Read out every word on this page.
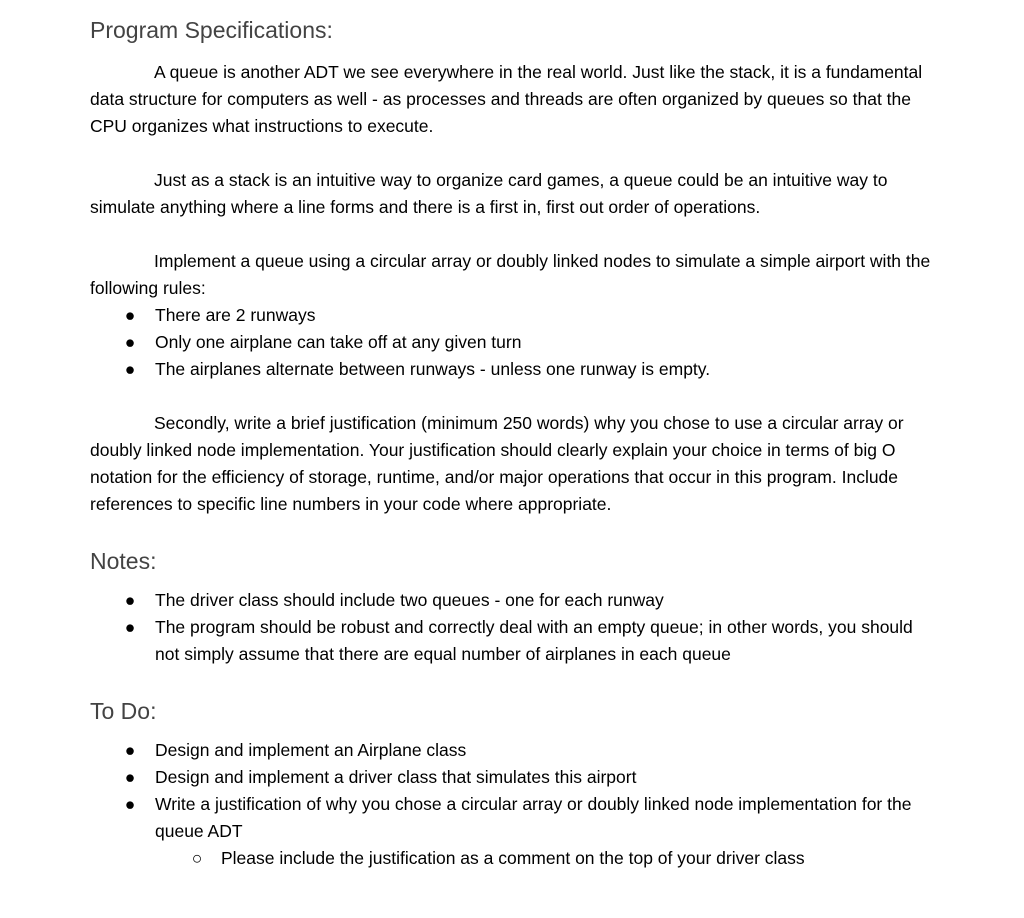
Program Specifications:

A queue is another ADT we see everywhere in the real world. Just like the stack, it is a fundamental data structure for computers as well - as processes and threads are often organized by queues so that the CPU organizes what instructions to execute.

Just as a stack is an intuitive way to organize card games, a queue could be an intuitive way to simulate anything where a line forms and there is a first in, first out order of operations.

Implement a queue using a circular array or doubly linked nodes to simulate a simple airport with the following rules:

● There are 2 runways
● Only one airplane can take off at any given turn
● The airplanes alternate between runways - unless one runway is empty.

Secondly, write a brief justification (minimum 250 words) why you chose to use a circular array or doubly linked node implementation. Your justification should clearly explain your choice in terms of big O notation for the efficiency of storage, runtime, and/or major operations that occur in this program. Include references to specific line numbers in your code where appropriate.

Notes:
● The driver class should include two queues - one for each runway
● The program should be robust and correctly deal with an empty queue; in other words, you should not simply assume that there are equal number of airplanes in each queue
To Do:
● Design and implement an Airplane class
● Design and implement a driver class that simulates this airport
● Write a justification of why you chose a circular array or doubly linked node implementation for the queue ADT
○ Please include the justification as a comment on the top of your driver class
